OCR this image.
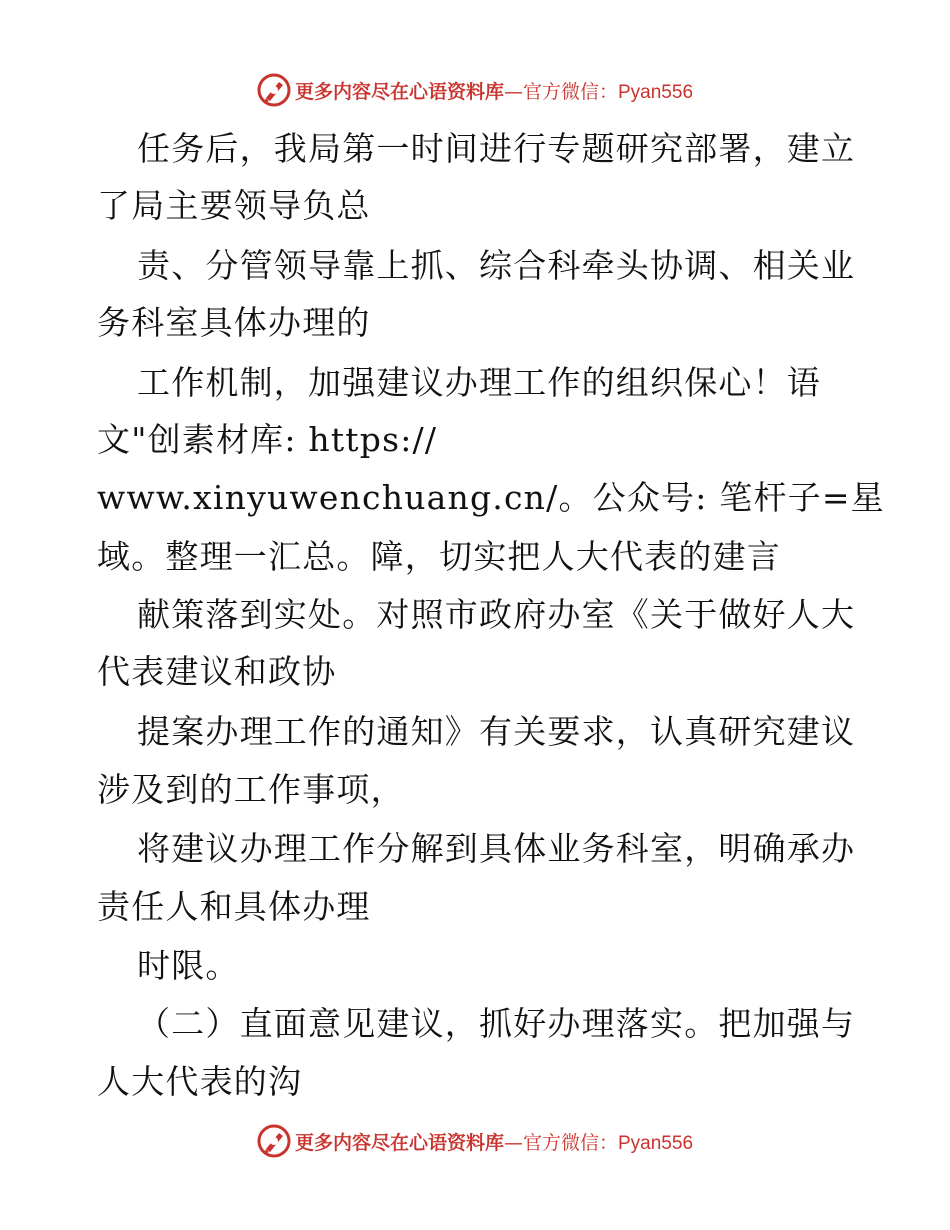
更多内容尽在心语资料库—官方微信：Pyan556
任务后，我局第一时间进行专题研究部署，建立
了局主要领导负总
责、分管领导靠上抓、综合科牵头协调、相关业
务科室具体办理的
工作机制，加强建议办理工作的组织保心！语
文"创素材库: https://
www.xinyuwenchuang.cn/。公众号: 笔杆子=星
域。整理一汇总。障，切实把人大代表的建言
献策落到实处。对照市政府办室《关于做好人大
代表建议和政协
提案办理工作的通知》有关要求，认真研究建议
涉及到的工作事项，
将建议办理工作分解到具体业务科室，明确承办
责任人和具体办理
时限。
（二）直面意见建议，抓好办理落实。把加强与
人大代表的沟
更多内容尽在心语资料库—官方微信：Pyan556
